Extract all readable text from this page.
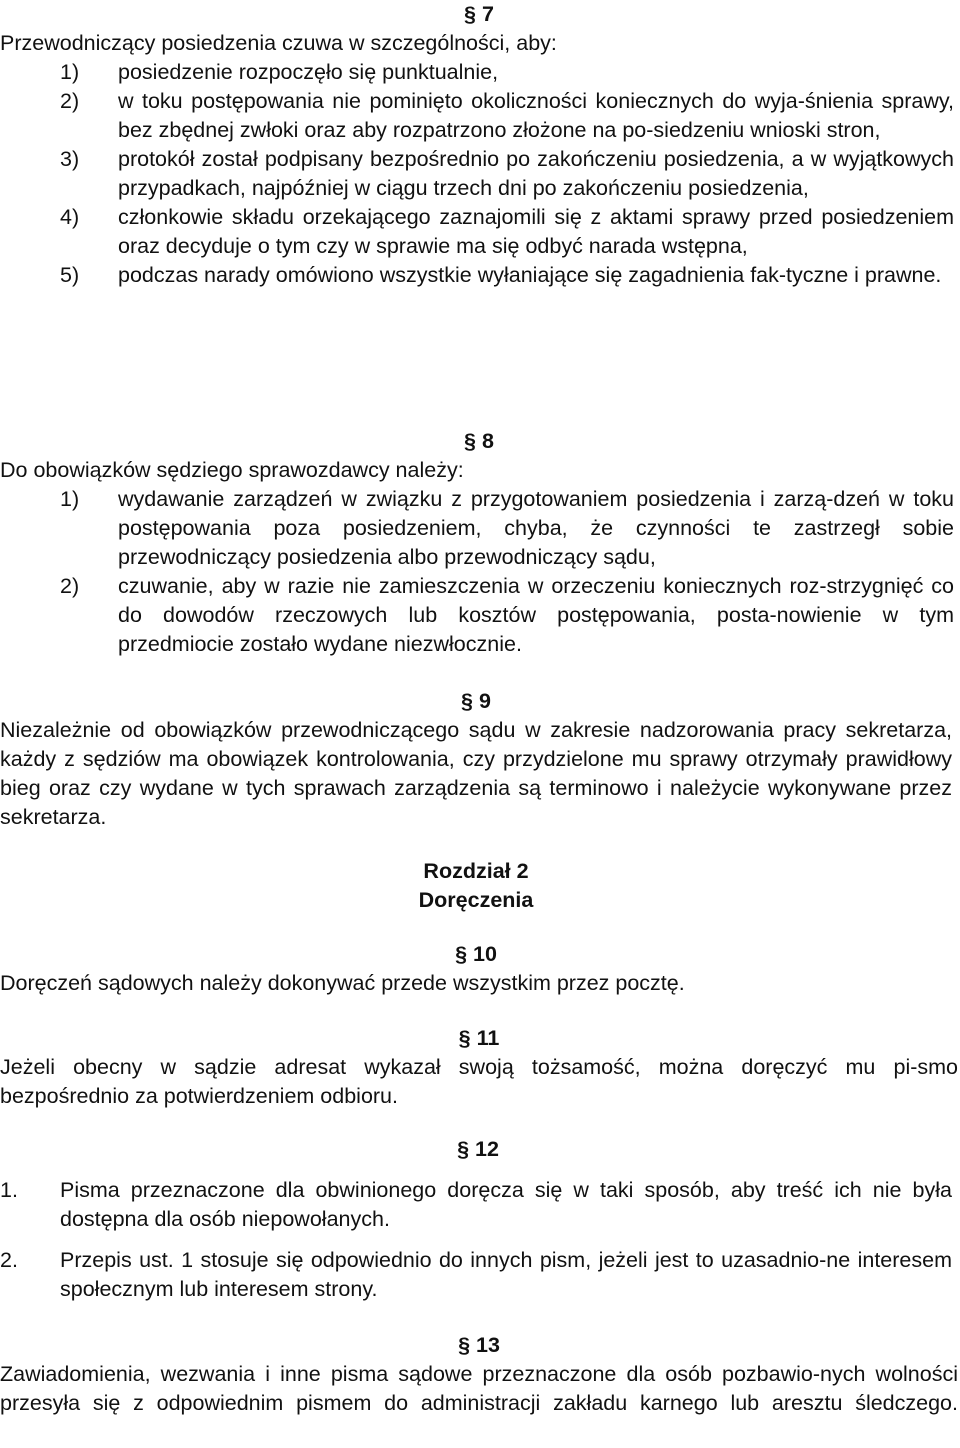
§ 7

Przewodniczący posiedzenia czuwa w szczególności, aby:

1) posiedzenie rozpoczęło się punktualnie,
2) w toku postępowania nie pominięto okoliczności koniecznych do wyja-śnienia sprawy, bez zbędnej zwłoki oraz aby rozpatrzono złożone na po-siedzeniu wnioski stron,
3) protokół został podpisany bezpośrednio po zakończeniu posiedzenia, a w wyjątkowych przypadkach, najpóźniej w ciągu trzech dni po zakończeniu posiedzenia,
4) członkowie składu orzekającego zaznajomili się z aktami sprawy przed posiedzeniem oraz decyduje o tym czy w sprawie ma się odbyć narada wstępna,
5) podczas narady omówiono wszystkie wyłaniające się zagadnienia fak-tyczne i prawne.
§ 8

Do obowiązków sędziego sprawozdawcy należy:

1) wydawanie zarządzeń w związku z przygotowaniem posiedzenia i zarzą-dzeń w toku postępowania poza posiedzeniem, chyba, że czynności te zastrzegł sobie przewodniczący posiedzenia albo przewodniczący sądu,
2) czuwanie, aby w razie nie zamieszczenia w orzeczeniu koniecznych roz-strzygnięć co do dowodów rzeczowych lub kosztów postępowania, posta-nowienie w tym przedmiocie zostało wydane niezwłocznie.
§ 9

Niezależnie od obowiązków przewodniczącego sądu w zakresie nadzorowania pracy sekretarza, każdy z sędziów ma obowiązek kontrolowania, czy przydzielone mu sprawy otrzymały prawidłowy bieg oraz czy wydane w tych sprawach zarządzenia są terminowo i należycie wykonywane przez sekretarza.

Rozdział 2

Doręczenia

§ 10

Doręczeń sądowych należy dokonywać przede wszystkim przez pocztę.

§ 11

Jeżeli obecny w sądzie adresat wykazał swoją tożsamość, można doręczyć mu pi-smo bezpośrednio za potwierdzeniem odbioru.

§ 12
1. Pisma przeznaczone dla obwinionego doręcza się w taki sposób, aby treść ich nie była dostępna dla osób niepowołanych.
2. Przepis ust. 1 stosuje się odpowiednio do innych pism, jeżeli jest to uzasadnio-ne interesem społecznym lub interesem strony.
§ 13

Zawiadomienia, wezwania i inne pisma sądowe przeznaczone dla osób pozbawio-nych wolności przesyła się z odpowiednim pismem do administracji zakładu karnego lub aresztu śledczego.
